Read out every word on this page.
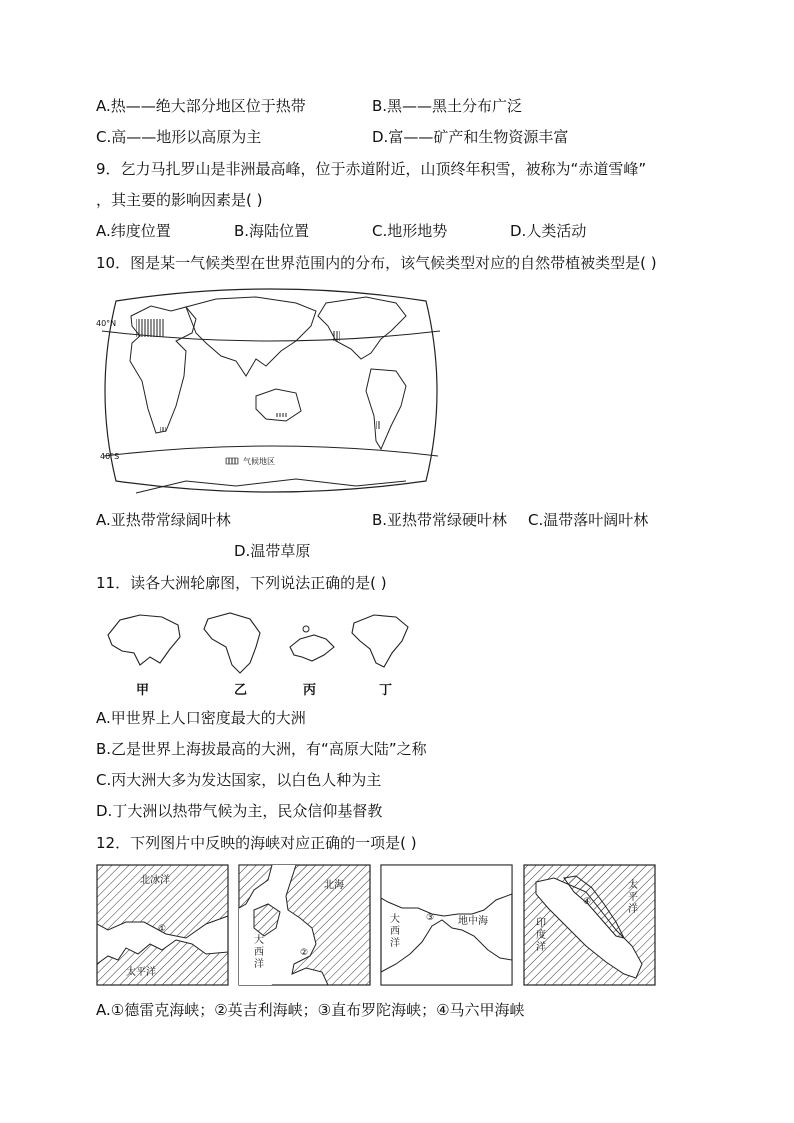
A.热——绝大部分地区位于热带	B.黑——黑土分布广泛
C.高——地形以高原为主	D.富——矿产和生物资源丰富
9．乞力马扎罗山是非洲最高峰，位于赤道附近，山顶终年积雪，被称为“赤道雪峰”
，其主要的影响因素是( )
A.纬度位置	B.海陆位置	C.地形地势	D.人类活动
10．图是某一气候类型在世界范围内的分布，该气候类型对应的自然带植被类型是( )
40°N
40°S
气候地区
A.亚热带常绿阔叶林	B.亚热带常绿硬叶林 C.温带落叶阔叶林
D.温带草原
11．读各大洲轮廓图，下列说法正确的是( )
甲	乙	丙	丁
A.甲世界上人口密度最大的大洲
B.乙是世界上海拔最高的大洲，有“高原大陆”之称
C.丙大洲大多为发达国家，以白色人种为主
D.丁大洲以热带气候为主，民众信仰基督教
12．下列图片中反映的海峡对应正确的一项是( )
北冰洋
太平洋
①
北海
大西洋
②
大西洋
地中海
③	印度洋
太平洋
④
A.①德雷克海峡；②英吉利海峡；③直布罗陀海峡；④马六甲海峡
